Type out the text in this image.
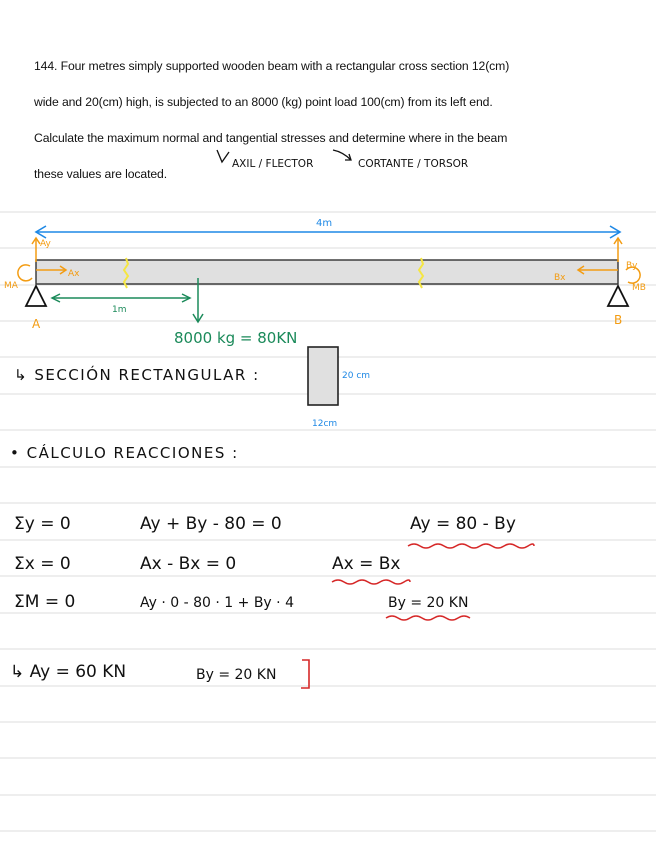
144. Four metres simply supported wooden beam with a rectangular cross section 12(cm)
wide and 20(cm) high, is subjected to an 8000 (kg) point load 100(cm) from its left end.
Calculate the maximum normal and tangential stresses and determine where in the beam
these values are located.
AXIL / FLECTOR	CORTANTE / TORSOR
4m
A	B
Ay
Ax
MA
By
Bx
MB
1m
8000 kg = 80KN
↳ SECCIÓN RECTANGULAR :	20 cm
12cm
• CÁLCULO REACCIONES :
Σy = 0	Ay + By - 80 = 0	Ay = 80 - By
Σx = 0	Ax - Bx = 0	Ax = Bx
ΣM = 0	Ay · 0 - 80 · 1 + By · 4	By = 20 KN
↳ Ay = 60 KN	By = 20 KN
